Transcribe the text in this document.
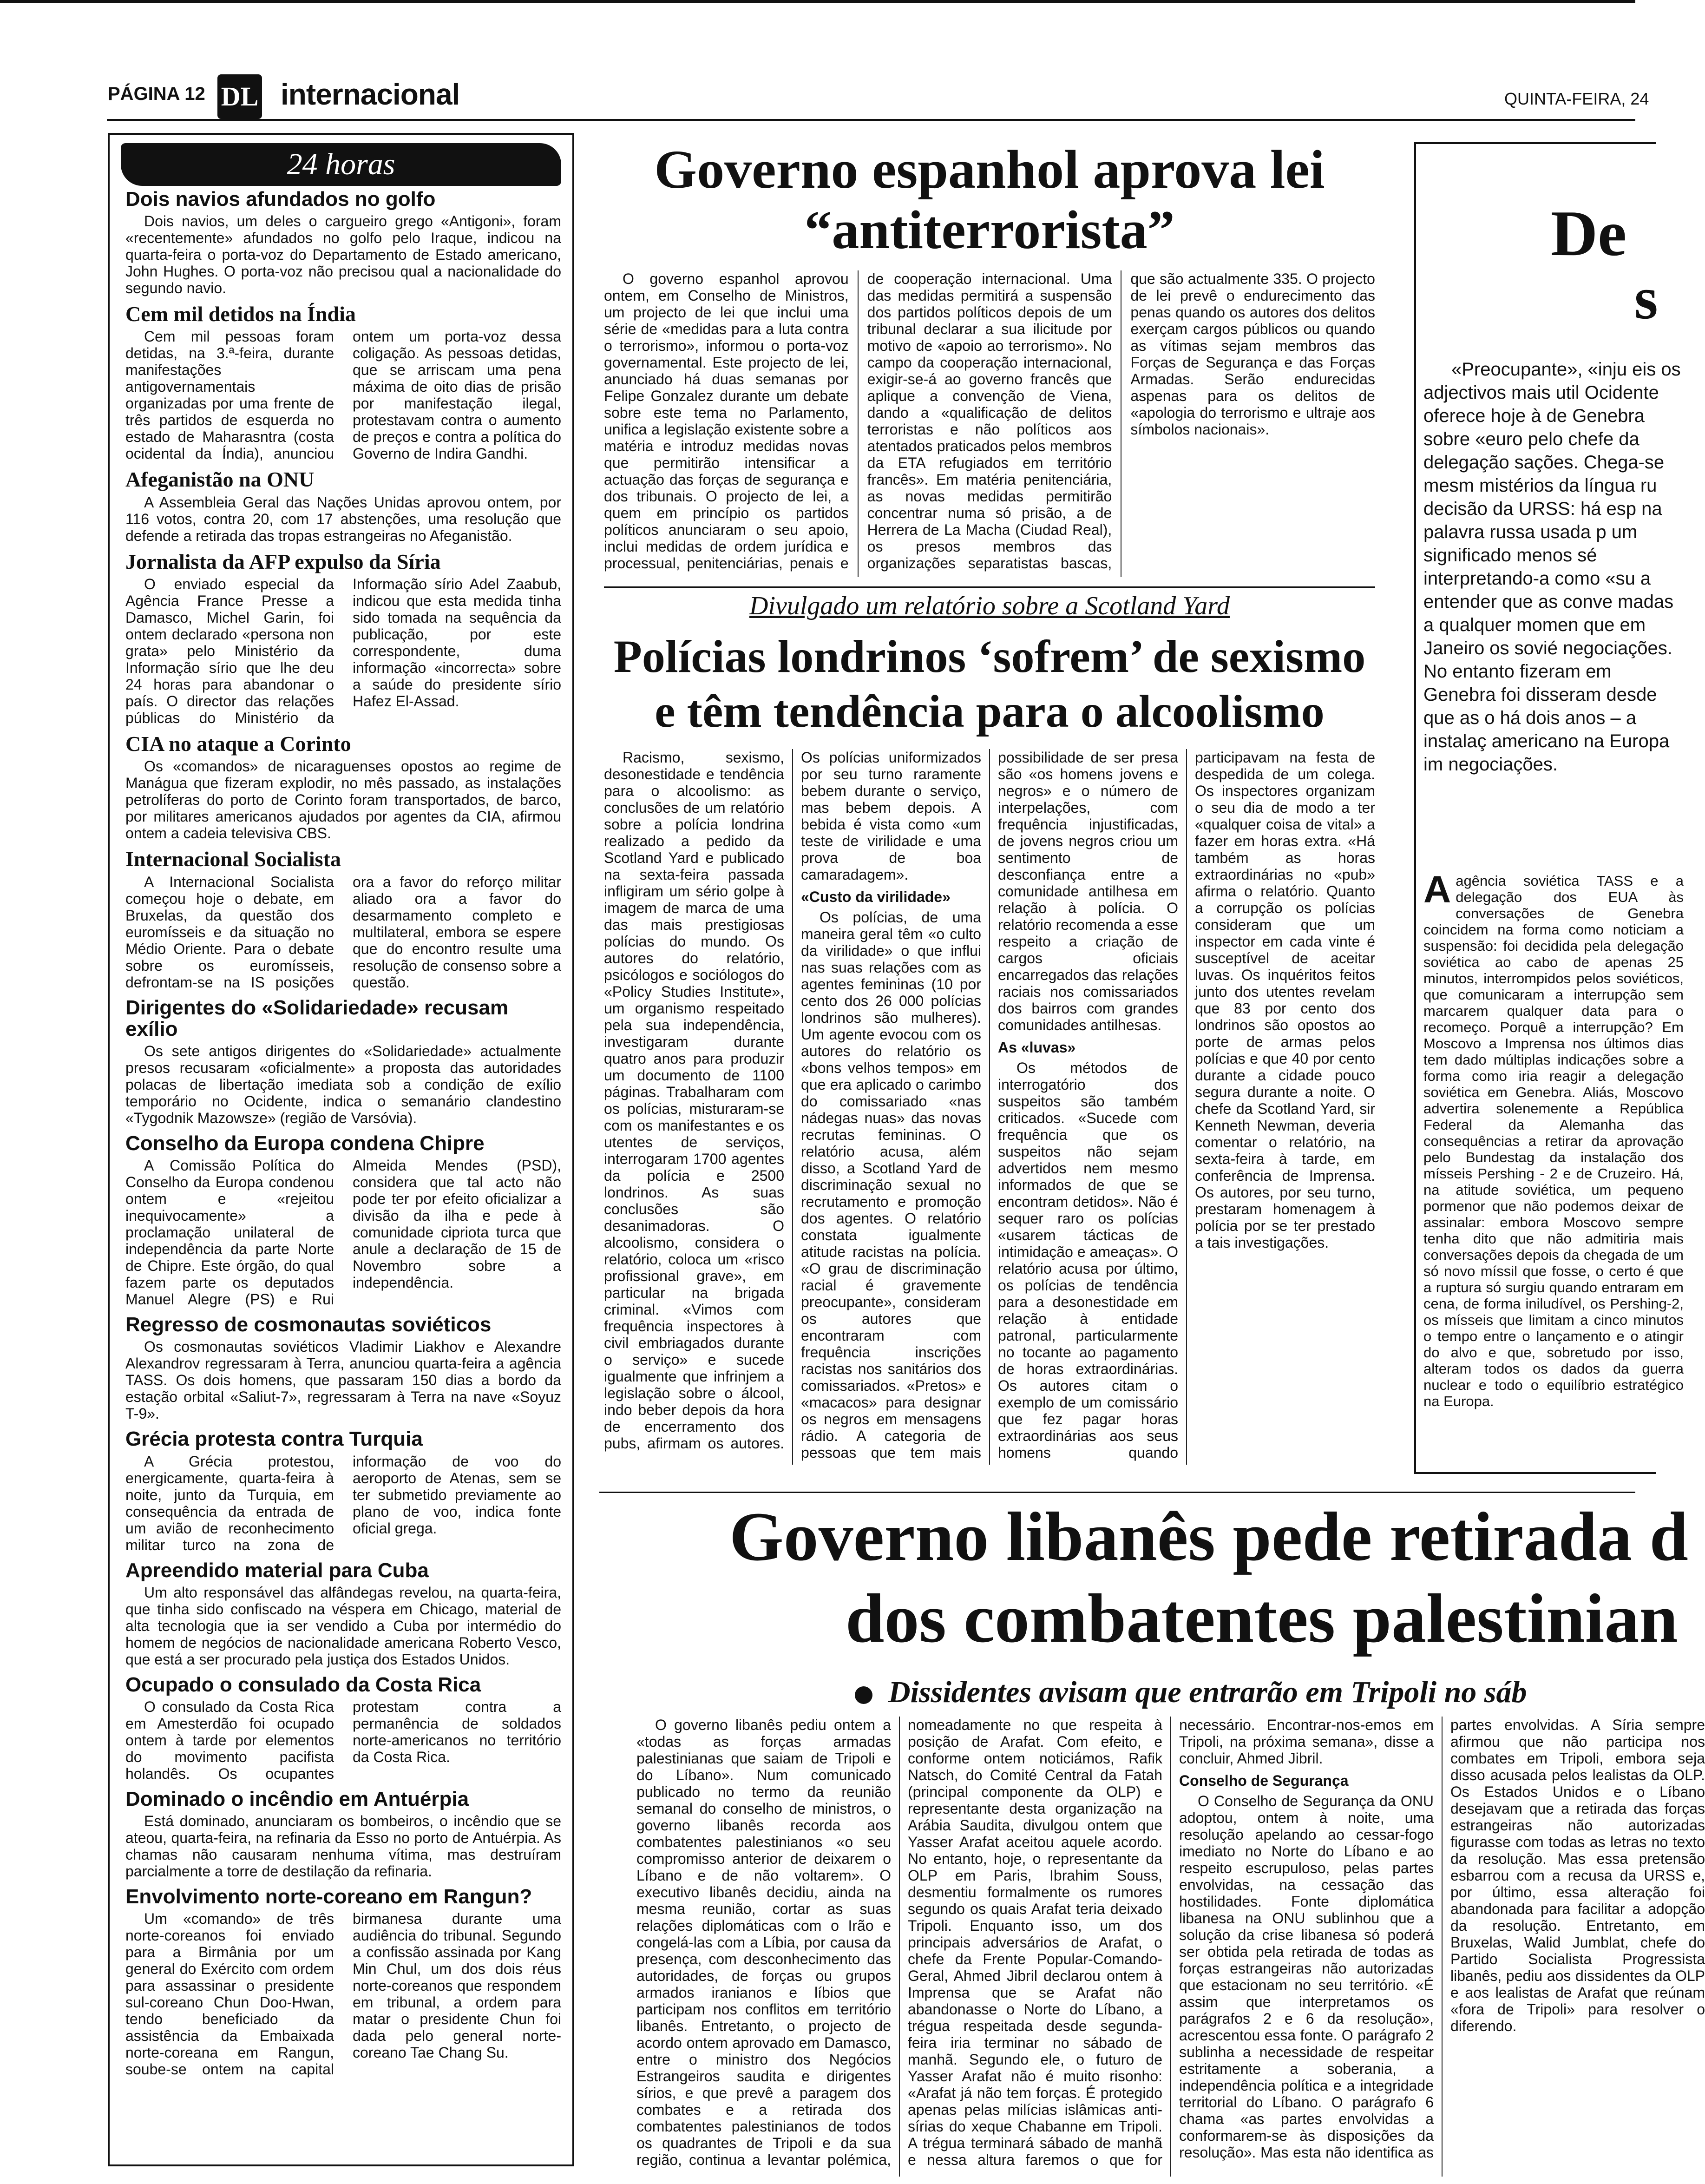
PÁGINA 12 DL internacional	QUINTA-FEIRA, 24
24 horas
Dois navios afundados no golfo
Dois navios, um deles o cargueiro grego «Antigoni», foram «recentemente» afundados no golfo pelo Iraque, indicou na quarta-feira o porta-voz do Departamento de Estado americano, John Hughes. O porta-voz não precisou qual a nacionalidade do segundo navio.
Cem mil detidos na Índia
Cem mil pessoas foram detidas, na 3.ª-feira, durante manifestações antigovernamentais organizadas por uma frente de três partidos de esquerda no estado de Maharasntra (costa ocidental da Índia), anunciou ontem um porta-voz dessa coligação. As pessoas detidas, que se arriscam uma pena máxima de oito dias de prisão por manifestação ilegal, protestavam contra o aumento de preços e contra a política do Governo de Indira Gandhi.
Afeganistão na ONU
A Assembleia Geral das Nações Unidas aprovou ontem, por 116 votos, contra 20, com 17 abstenções, uma resolução que defende a retirada das tropas estrangeiras no Afeganistão.
Jornalista da AFP expulso da Síria
O enviado especial da Agência France Presse a Damasco, Michel Garin, foi ontem declarado «persona non grata» pelo Ministério da Informação sírio que lhe deu 24 horas para abandonar o país. O director das relações públicas do Ministério da Informação sírio Adel Zaabub, indicou que esta medida tinha sido tomada na sequência da publicação, por este correspondente, duma informação «incorrecta» sobre a saúde do presidente sírio Hafez El-Assad.
CIA no ataque a Corinto
Os «comandos» de nicaraguenses opostos ao regime de Manágua que fizeram explodir, no mês passado, as instalações petrolíferas do porto de Corinto foram transportados, de barco, por militares americanos ajudados por agentes da CIA, afirmou ontem a cadeia televisiva CBS.
Internacional Socialista
A Internacional Socialista começou hoje o debate, em Bruxelas, da questão dos euromísseis e da situação no Médio Oriente. Para o debate sobre os euromísseis, defrontam-se na IS posições ora a favor do reforço militar aliado ora a favor do desarmamento completo e multilateral, embora se espere que do encontro resulte uma resolução de consenso sobre a questão.
Dirigentes do «Solidariedade» recusam exílio
Os sete antigos dirigentes do «Solidariedade» actualmente presos recusaram «oficialmente» a proposta das autoridades polacas de libertação imediata sob a condição de exílio temporário no Ocidente, indica o semanário clandestino «Tygodnik Mazowsze» (região de Varsóvia).
Conselho da Europa condena Chipre
A Comissão Política do Conselho da Europa condenou ontem e «rejeitou inequivocamente» a proclamação unilateral de independência da parte Norte de Chipre. Este órgão, do qual fazem parte os deputados Manuel Alegre (PS) e Rui Almeida Mendes (PSD), considera que tal acto não pode ter por efeito oficializar a divisão da ilha e pede à comunidade cipriota turca que anule a declaração de 15 de Novembro sobre a independência.
Regresso de cosmonautas soviéticos
Os cosmonautas soviéticos Vladimir Liakhov e Alexandre Alexandrov regressaram à Terra, anunciou quarta-feira a agência TASS. Os dois homens, que passaram 150 dias a bordo da estação orbital «Saliut-7», regressaram à Terra na nave «Soyuz T-9».
Grécia protesta contra Turquia
A Grécia protestou, energicamente, quarta-feira à noite, junto da Turquia, em consequência da entrada de um avião de reconhecimento militar turco na zona de informação de voo do aeroporto de Atenas, sem se ter submetido previamente ao plano de voo, indica fonte oficial grega.
Apreendido material para Cuba
Um alto responsável das alfândegas revelou, na quarta-feira, que tinha sido confiscado na véspera em Chicago, material de alta tecnologia que ia ser vendido a Cuba por intermédio do homem de negócios de nacionalidade americana Roberto Vesco, que está a ser procurado pela justiça dos Estados Unidos.
Ocupado o consulado da Costa Rica
O consulado da Costa Rica em Amesterdão foi ocupado ontem à tarde por elementos do movimento pacifista holandês. Os ocupantes protestam contra a permanência de soldados norte-americanos no território da Costa Rica.
Dominado o incêndio em Antuérpia
Está dominado, anunciaram os bombeiros, o incêndio que se ateou, quarta-feira, na refinaria da Esso no porto de Antuérpia. As chamas não causaram nenhuma vítima, mas destruíram parcialmente a torre de destilação da refinaria.
Envolvimento norte-coreano em Rangun?
Um «comando» de três norte-coreanos foi enviado para a Birmânia por um general do Exército com ordem para assassinar o presidente sul-coreano Chun Doo-Hwan, tendo beneficiado da assistência da Embaixada norte-coreana em Rangun, soube-se ontem na capital birmanesa durante uma audiência do tribunal. Segundo a confissão assinada por Kang Min Chul, um dos dois réus norte-coreanos que respondem em tribunal, a ordem para matar o presidente Chun foi dada pelo general norte-coreano Tae Chang Su.
Governo espanhol aprova lei “antiterrorista”
O governo espanhol aprovou ontem, em Conselho de Ministros, um projecto de lei que inclui uma série de «medidas para a luta contra o terrorismo», informou o porta-voz governamental. Este projecto de lei, anunciado há duas semanas por Felipe Gonzalez durante um debate sobre este tema no Parlamento, unifica a legislação existente sobre a matéria e introduz medidas novas que permitirão intensificar a actuação das forças de segurança e dos tribunais. O projecto de lei, a quem em princípio os partidos políticos anunciaram o seu apoio, inclui medidas de ordem jurídica e processual, penitenciárias, penais e de cooperação internacional. Uma das medidas permitirá a suspensão dos partidos políticos depois de um tribunal declarar a sua ilicitude por motivo de «apoio ao terrorismo». No campo da cooperação internacional, exigir-se-á ao governo francês que aplique a convenção de Viena, dando a «qualificação de delitos terroristas e não políticos aos atentados praticados pelos membros da ETA refugiados em território francês». Em matéria penitenciária, as novas medidas permitirão concentrar numa só prisão, a de Herrera de La Macha (Ciudad Real), os presos membros das organizações separatistas bascas, que são actualmente 335. O projecto de lei prevê o endurecimento das penas quando os autores dos delitos exerçam cargos públicos ou quando as vítimas sejam membros das Forças de Segurança e das Forças Armadas. Serão endurecidas aspenas para os delitos de «apologia do terrorismo e ultraje aos símbolos nacionais».
Divulgado um relatório sobre a Scotland Yard
Polícias londrinos ‘sofrem’ de sexismo e têm tendência para o alcoolismo

Racismo, sexismo, desonestidade e tendência para o alcoolismo: as conclusões de um relatório sobre a polícia londrina realizado a pedido da Scotland Yard e publicado na sexta-feira passada infligiram um sério golpe à imagem de marca de uma das mais prestigiosas polícias do mundo. Os autores do relatório, psicólogos e sociólogos do «Policy Studies Institute», um organismo respeitado pela sua independência, investigaram durante quatro anos para produzir um documento de 1100 páginas. Trabalharam com os polícias, misturaram-se com os manifestantes e os utentes de serviços, interrogaram 1700 agentes da polícia e 2500 londrinos. As suas conclusões são desanimadoras. O alcoolismo, considera o relatório, coloca um «risco profissional grave», em particular na brigada criminal. «Vimos com frequência inspectores à civil embriagados durante o serviço» e sucede igualmente que infrinjem a legislação sobre o álcool, indo beber depois da hora de encerramento dos pubs, afirmam os autores. Os polícias uniformizados por seu turno raramente bebem durante o serviço, mas bebem depois. A bebida é vista como «um teste de virilidade e uma prova de boa camaradagem».

«Custo da virilidade»

Os polícias, de uma maneira geral têm «o culto da virilidade» o que influi nas suas relações com as agentes femininas (10 por cento dos 26 000 polícias londrinos são mulheres). Um agente evocou com os autores do relatório os «bons velhos tempos» em que era aplicado o carimbo do comissariado «nas nádegas nuas» das novas recrutas femininas. O relatório acusa, além disso, a Scotland Yard de discriminação sexual no recrutamento e promoção dos agentes. O relatório constata igualmente atitude racistas na polícia. «O grau de discriminação racial é gravemente preocupante», consideram os autores que encontraram com frequência inscrições racistas nos sanitários dos comissariados. «Pretos» e «macacos» para designar os negros em mensagens rádio. A categoria de pessoas que tem mais possibilidade de ser presa são «os homens jovens e negros» e o número de interpelações, com frequência injustificadas, de jovens negros criou um sentimento de desconfiança entre a comunidade antilhesa em relação à polícia. O relatório recomenda a esse respeito a criação de cargos oficiais encarregados das relações raciais nos comissariados dos bairros com grandes comunidades antilhesas.

As «luvas»

Os métodos de interrogatório dos suspeitos são também criticados. «Sucede com frequência que os suspeitos não sejam advertidos nem mesmo informados de que se encontram detidos». Não é sequer raro os polícias «usarem tácticas de intimidação e ameaças». O relatório acusa por último, os polícias de tendência para a desonestidade em relação à entidade patronal, particularmente no tocante ao pagamento de horas extraordinárias. Os autores citam o exemplo de um comissário que fez pagar horas extraordinárias aos seus homens quando participavam na festa de despedida de um colega. Os inspectores organizam o seu dia de modo a ter «qualquer coisa de vital» a fazer em horas extra. «Há também as horas extraordinárias no «pub» afirma o relatório. Quanto a corrupção os polícias consideram que um inspector em cada vinte é susceptível de aceitar luvas. Os inquéritos feitos junto dos utentes revelam que 83 por cento dos londrinos são opostos ao porte de armas pelos polícias e que 40 por cento durante a cidade pouco segura durante a noite. O chefe da Scotland Yard, sir Kenneth Newman, deveria comentar o relatório, na sexta-feira à tarde, em conferência de Imprensa. Os autores, por seu turno, prestaram homenagem à polícia por se ter prestado a tais investigações.

De
s
«Preocupante», «inju eis os adjectivos mais util Ocidente oferece hoje à de Genebra sobre «euro pelo chefe da delegação sações. Chega-se mesm mistérios da língua ru decisão da URSS: há esp na palavra russa usada p um significado menos sé interpretando-a como «su a entender que as conve madas a qualquer momen que em Janeiro os sovié negociações. No entanto fizeram em Genebra foi disseram desde que as o há dois anos – a instalaç americano na Europa im negociações.
A agência soviética TASS e a delegação dos EUA às conversações de Genebra coincidem na forma como noticiam a suspensão: foi decidida pela delegação soviética ao cabo de apenas 25 minutos, interrompidos pelos soviéticos, que comunicaram a interrupção sem marcarem qualquer data para o recomeço. Porquê a interrupção? Em Moscovo a Imprensa nos últimos dias tem dado múltiplas indicações sobre a forma como iria reagir a delegação soviética em Genebra. Aliás, Moscovo advertira solenemente a República Federal da Alemanha das consequências a retirar da aprovação pelo Bundestag da instalação dos mísseis Pershing - 2 e de Cruzeiro. Há, na atitude soviética, um pequeno pormenor que não podemos deixar de assinalar: embora Moscovo sempre tenha dito que não admitiria mais conversações depois da chegada de um só novo míssil que fosse, o certo é que a ruptura só surgiu quando entraram em cena, de forma iniludível, os Pershing-2, os mísseis que limitam a cinco minutos o tempo entre o lançamento e o atingir do alvo e que, sobretudo por isso, alteram todos os dados da guerra nuclear e todo o equilíbrio estratégico na Europa.
Governo libanês pede retirada d
dos combatentes palestinian
Dissidentes avisam que entrarão em Tripoli no sáb

O governo libanês pediu ontem a «todas as forças armadas palestinianas que saiam de Tripoli e do Líbano». Num comunicado publicado no termo da reunião semanal do conselho de ministros, o governo libanês recorda aos combatentes palestinianos «o seu compromisso anterior de deixarem o Líbano e de não voltarem». O executivo libanês decidiu, ainda na mesma reunião, cortar as suas relações diplomáticas com o Irão e congelá-las com a Líbia, por causa da presença, com desconhecimento das autoridades, de forças ou grupos armados iranianos e líbios que participam nos conflitos em território libanês. Entretanto, o projecto de acordo ontem aprovado em Damasco, entre o ministro dos Negócios Estrangeiros saudita e dirigentes sírios, e que prevê a paragem dos combates e a retirada dos combatentes palestinianos de todos os quadrantes de Tripoli e da sua região, continua a levantar polémica, nomeadamente no que respeita à posição de Arafat. Com efeito, e conforme ontem noticiámos, Rafik Natsch, do Comité Central da Fatah (principal componente da OLP) e representante desta organização na Arábia Saudita, divulgou ontem que Yasser Arafat aceitou aquele acordo. No entanto, hoje, o representante da OLP em Paris, Ibrahim Souss, desmentiu formalmente os rumores segundo os quais Arafat teria deixado Tripoli. Enquanto isso, um dos principais adversários de Arafat, o chefe da Frente Popular-Comando-Geral, Ahmed Jibril declarou ontem à Imprensa que se Arafat não abandonasse o Norte do Líbano, a trégua respeitada desde segunda-feira iria terminar no sábado de manhã. Segundo ele, o futuro de Yasser Arafat não é muito risonho: «Arafat já não tem forças. É protegido apenas pelas milícias islâmicas anti-sírias do xeque Chabanne em Tripoli. A trégua terminará sábado de manhã e nessa altura faremos o que for necessário. Encontrar-nos-emos em Tripoli, na próxima semana», disse a concluir, Ahmed Jibril.

Conselho de Segurança

O Conselho de Segurança da ONU adoptou, ontem à noite, uma resolução apelando ao cessar-fogo imediato no Norte do Líbano e ao respeito escrupuloso, pelas partes envolvidas, na cessação das hostilidades. Fonte diplomática libanesa na ONU sublinhou que a solução da crise libanesa só poderá ser obtida pela retirada de todas as forças estrangeiras não autorizadas que estacionam no seu território. «É assim que interpretamos os parágrafos 2 e 6 da resolução», acrescentou essa fonte. O parágrafo 2 sublinha a necessidade de respeitar estritamente a soberania, a independência política e a integridade territorial do Líbano. O parágrafo 6 chama «as partes envolvidas a conformarem-se às disposições da resolução». Mas esta não identifica as partes envolvidas. A Síria sempre afirmou que não participa nos combates em Tripoli, embora seja disso acusada pelos lealistas da OLP. Os Estados Unidos e o Líbano desejavam que a retirada das forças estrangeiras não autorizadas figurasse com todas as letras no texto da resolução. Mas essa pretensão esbarrou com a recusa da URSS e, por último, essa alteração foi abandonada para facilitar a adopção da resolução. Entretanto, em Bruxelas, Walid Jumblat, chefe do Partido Socialista Progressista libanês, pediu aos dissidentes da OLP e aos lealistas de Arafat que reúnam «fora de Tripoli» para resolver o diferendo.
